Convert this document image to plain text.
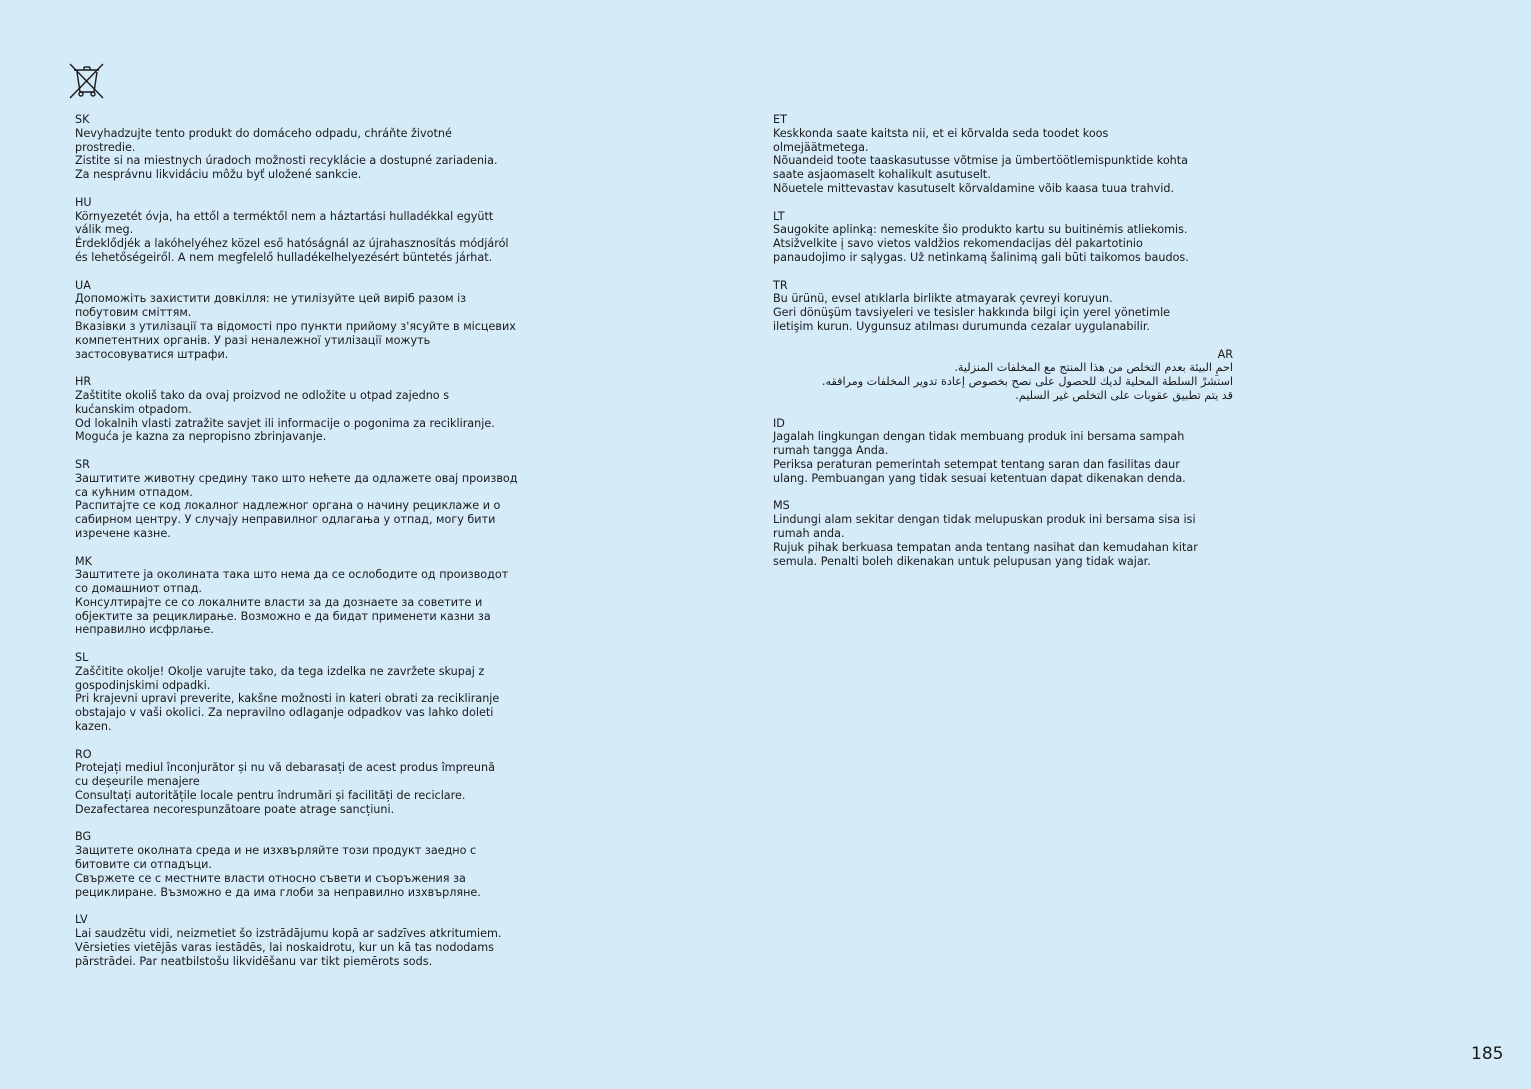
SK
Nevyhadzujte tento produkt do domáceho odpadu, chráňte životné
prostredie.
Zistite si na miestnych úradoch možnosti recyklácie a dostupné zariadenia.
Za nesprávnu likvidáciu môžu byť uložené sankcie.
HU
Környezetét óvja, ha ettől a terméktől nem a háztartási hulladékkal együtt
válik meg.
Érdeklődjék a lakóhelyéhez közel eső hatóságnál az újrahasznosítás módjáról
és lehetőségeiről. A nem megfelelő hulladékelhelyezésért büntetés járhat.
UA
Допоможіть захистити довкілля: не утилізуйте цей виріб разом із
побутовим сміттям.
Вказівки з утилізації та відомості про пункти прийому з'ясуйте в місцевих
компетентних органів. У разі неналежної утилізації можуть
застосовуватися штрафи.
HR
Zaštitite okoliš tako da ovaj proizvod ne odložite u otpad zajedno s
kućanskim otpadom.
Od lokalnih vlasti zatražite savjet ili informacije o pogonima za recikliranje.
Moguća je kazna za nepropisno zbrinjavanje.
SR
Заштитите животну средину тако што нећете да одлажете овај производ
са кућним отпадом.
Распитајте се код локалног надлежног органа о начину рециклаже и о
сабирном центру. У случају неправилног одлагања у отпад, могу бити
изречене казне.
MK
Заштитете ја околината така што нема да се ослободите од производот
со домашниот отпад.
Консултирајте се со локалните власти за да дознаете за советите и
објектите за рециклирање. Возможно е да бидат применети казни за
неправилно исфрлање.
SL
Zaščitite okolje! Okolje varujte tako, da tega izdelka ne zavržete skupaj z
gospodinjskimi odpadki.
Pri krajevni upravi preverite, kakšne možnosti in kateri obrati za recikliranje
obstajajo v vaši okolici. Za nepravilno odlaganje odpadkov vas lahko doleti
kazen.
RO
Protejați mediul înconjurător și nu vă debarasați de acest produs împreună
cu deșeurile menajere
Consultați autoritățile locale pentru îndrumări și facilități de reciclare.
Dezafectarea necorespunzătoare poate atrage sancțiuni.
BG
Защитете околната среда и не изхвърляйте този продукт заедно с
битовите си отпадъци.
Свържете се с местните власти относно съвети и съоръжения за
рециклиране. Възможно е да има глоби за неправилно изхвърляне.
LV
Lai saudzētu vidi, neizmetiet šo izstrādājumu kopā ar sadzīves atkritumiem.
Vērsieties vietējās varas iestādēs, lai noskaidrotu, kur un kā tas nododams
pārstrādei. Par neatbilstošu likvidēšanu var tikt piemērots sods.
ET
Keskkonda saate kaitsta nii, et ei kõrvalda seda toodet koos
olmejäätmetega.
Nõuandeid toote taaskasutusse võtmise ja ümbertöötlemispunktide kohta
saate asjaomaselt kohalikult asutuselt.
Nõuetele mittevastav kasutuselt kõrvaldamine võib kaasa tuua trahvid.
LT
Saugokite aplinką: nemeskite šio produkto kartu su buitinėmis atliekomis.
Atsižvelkite į savo vietos valdžios rekomendacijas dėl pakartotinio
panaudojimo ir sąlygas. Už netinkamą šalinimą gali būti taikomos baudos.
TR
Bu ürünü, evsel atıklarla birlikte atmayarak çevreyi koruyun.
Geri dönüşüm tavsiyeleri ve tesisler hakkında bilgi için yerel yönetimle
iletişim kurun. Uygunsuz atılması durumunda cezalar uygulanabilir.
AR
احمِ البيئة بعدم التخلص من هذا المنتج مع المخلفات المنزلية.
استشرْ السلطة المحلية لديك للحصول على نصح بخصوص إعادة تدوير المخلفات ومرافقه.
قد يتم تطبيق عقوبات على التخلص غير السليم.
ID
Jagalah lingkungan dengan tidak membuang produk ini bersama sampah
rumah tangga Anda.
Periksa peraturan pemerintah setempat tentang saran dan fasilitas daur
ulang. Pembuangan yang tidak sesuai ketentuan dapat dikenakan denda.
MS
Lindungi alam sekitar dengan tidak melupuskan produk ini bersama sisa isi
rumah anda.
Rujuk pihak berkuasa tempatan anda tentang nasihat dan kemudahan kitar
semula. Penalti boleh dikenakan untuk pelupusan yang tidak wajar.
185
